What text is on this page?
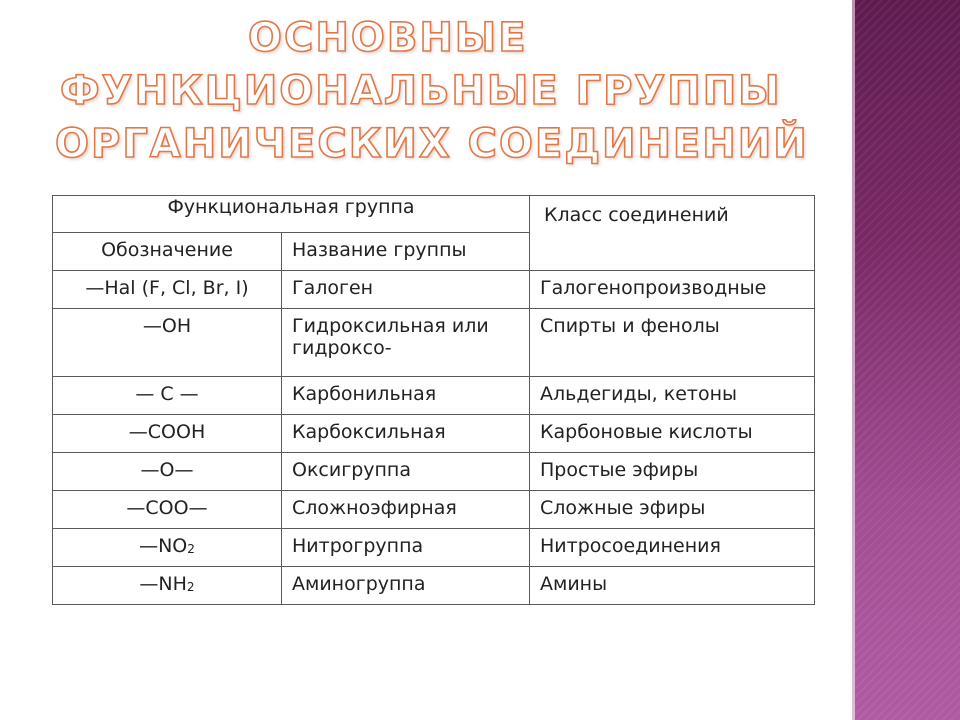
ОСНОВНЫЕ
ФУНКЦИОНАЛЬНЫЕ ГРУППЫ
ОРГАНИЧЕСКИХ СОЕДИНЕНИЙ
Функциональная группа		Класс соединений
Обозначение	Название группы	
—Hal (F, Cl, Br, I)	Галоген	Галогенопроизводные
—OH	Гидроксильная или гидроксо-	Спирты и фенолы
— C —	Карбонильная	Альдегиды, кетоны
—COOH	Карбоксильная	Карбоновые кислоты
—O—	Оксигруппа	Простые эфиры
—COO—	Сложноэфирная	Сложные эфиры
$—NO_2$	Нитрогруппа	Нитросоединения
$—NH_2$	Аминогруппа	Амины
